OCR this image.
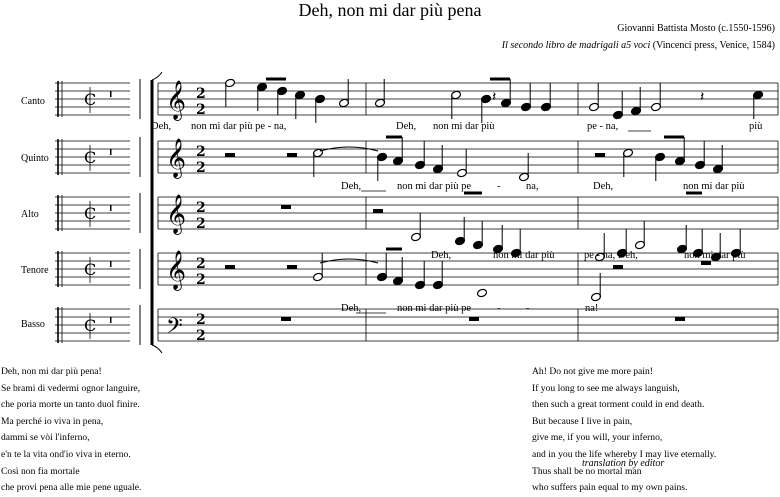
Deh, non mi dar più pena
Giovanni Battista Mosto (c.1550-1596)
Il secondo libro de madrigali a5 voci (Vincenci press, Venice, 1584)
Canto
Quinto
Alto
Tenore
Basso
C 𝄞 2
2
C 𝄞 2
2
C 𝄞 2
2
C 𝄞 2
2
C	𝄢 2
2
𝄽	𝄽
Deh, non mi dar più pe - na,	Deh, non mi dar più	pe - na,	più
Deh,	non mi dar più pe - na,	Deh,	non mi dar più
Deh,	non mi dar più	pe - na, Deh,	non mi dar più
Deh,	non mi dar più pe - -	na!
Deh, non mi dar più pena!
Se brami di vedermi ognor languire,
che poria morte un tanto duol finire.
Ma perché io viva in pena,
dammi se vòi l'inferno,
e'n te la vita ond'io viva in eterno.
Così non fia mortale
che provi pena alle mie pene uguale.
Ah! Do not give me more pain!
If you long to see me always languish,
then such a great torment could in end death.
But because I live in pain,
give me, if you will, your inferno,
and in you the life whereby I may live eternally.
Thus shall be no mortal man
who suffers pain equal to my own pains.
translation by editor
